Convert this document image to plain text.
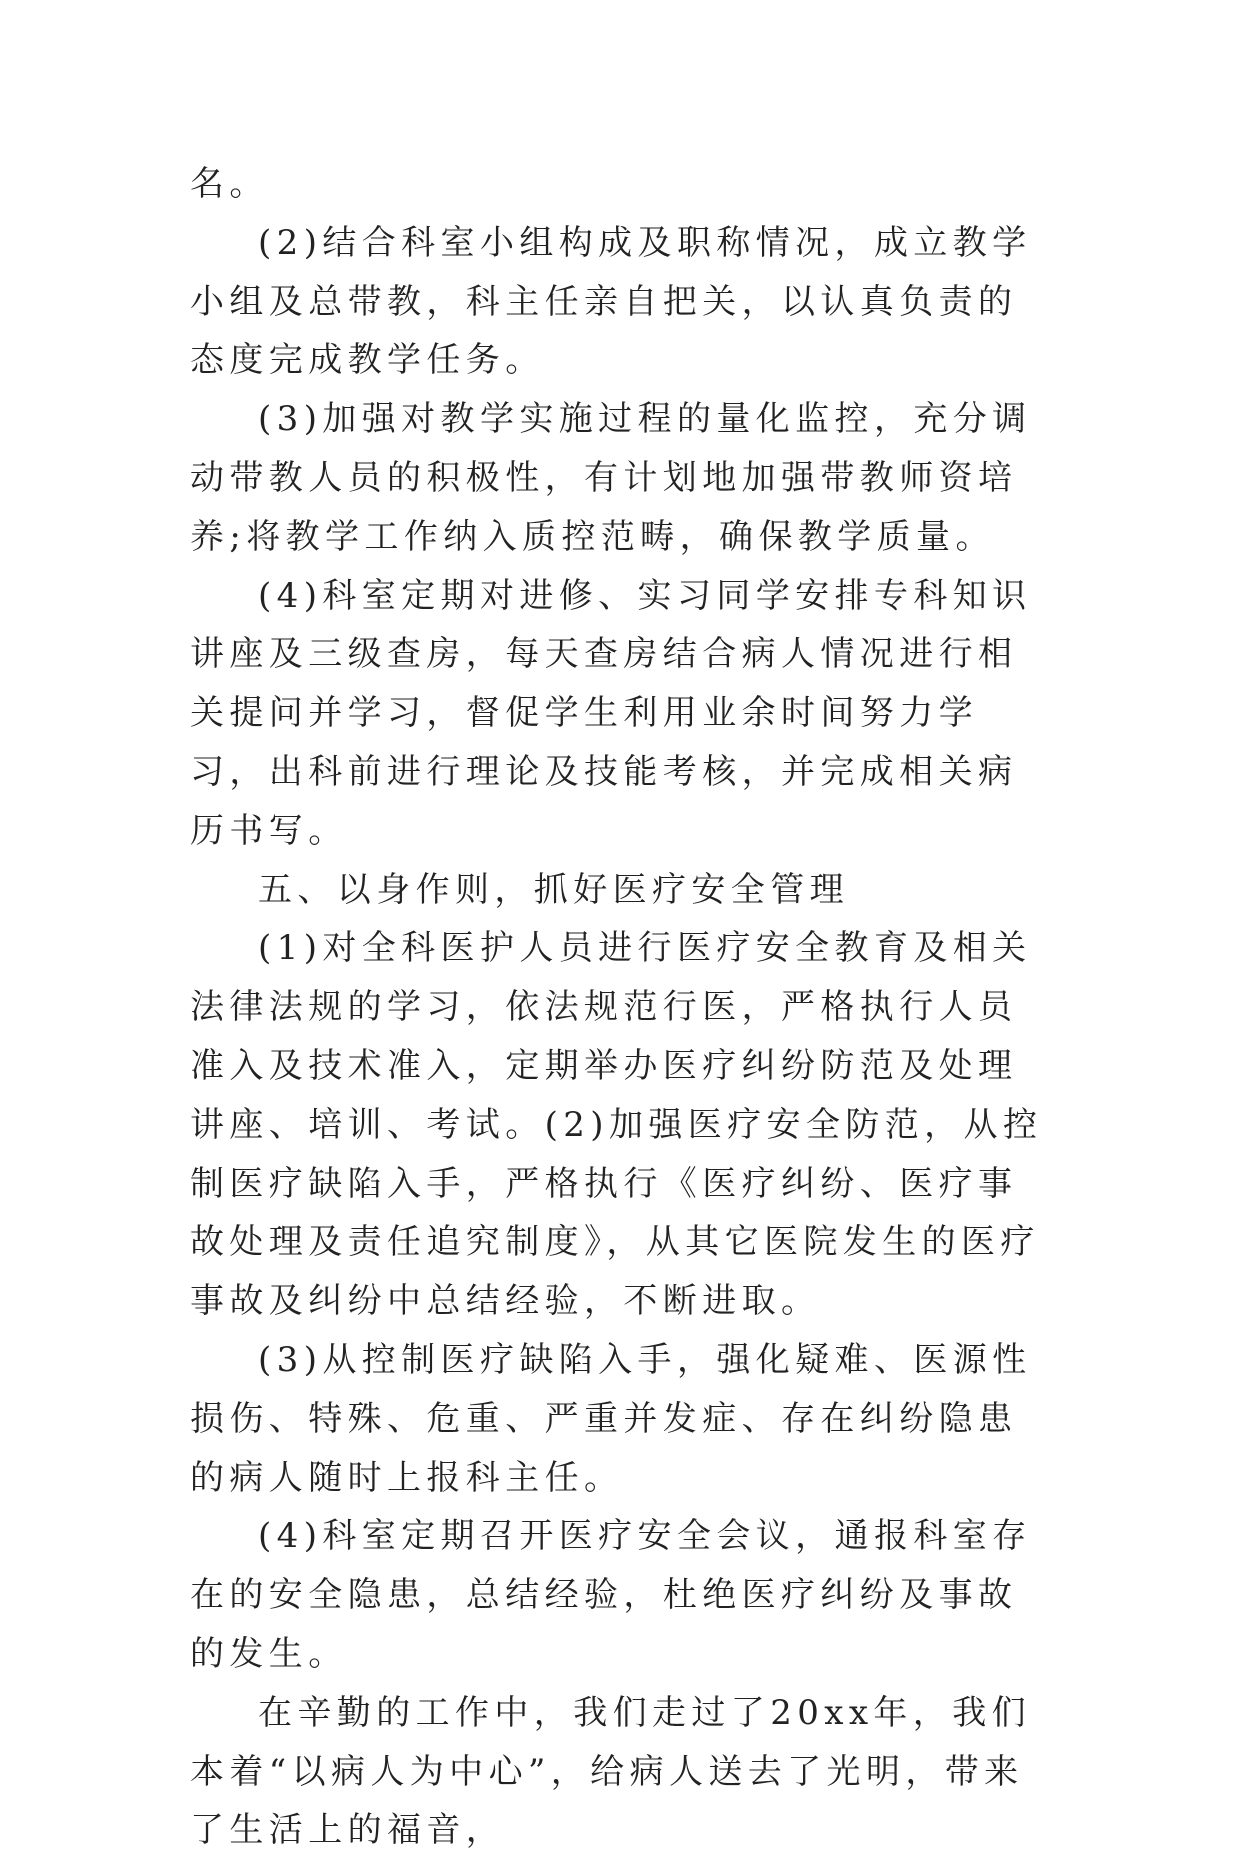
名。

(2)结合科室小组构成及职称情况，成立教学小组及总带教，科主任亲自把关，以认真负责的态度完成教学任务。

(3)加强对教学实施过程的量化监控，充分调动带教人员的积极性，有计划地加强带教师资培养;将教学工作纳入质控范畴，确保教学质量。

(4)科室定期对进修、实习同学安排专科知识讲座及三级查房，每天查房结合病人情况进行相关提问并学习，督促学生利用业余时间努力学习，出科前进行理论及技能考核，并完成相关病历书写。

五、以身作则，抓好医疗安全管理

(1)对全科医护人员进行医疗安全教育及相关法律法规的学习，依法规范行医，严格执行人员准入及技术准入，定期举办医疗纠纷防范及处理讲座、培训、考试。(2)加强医疗安全防范，从控制医疗缺陷入手，严格执行《医疗纠纷、医疗事故处理及责任追究制度》，从其它医院发生的医疗事故及纠纷中总结经验，不断进取。

(3)从控制医疗缺陷入手，强化疑难、医源性损伤、特殊、危重、严重并发症、存在纠纷隐患的病人随时上报科主任。

(4)科室定期召开医疗安全会议，通报科室存在的安全隐患，总结经验，杜绝医疗纠纷及事故的发生。

在辛勤的工作中，我们走过了20xx年，我们本着“以病人为中心”，给病人送去了光明，带来了生活上的福音，
